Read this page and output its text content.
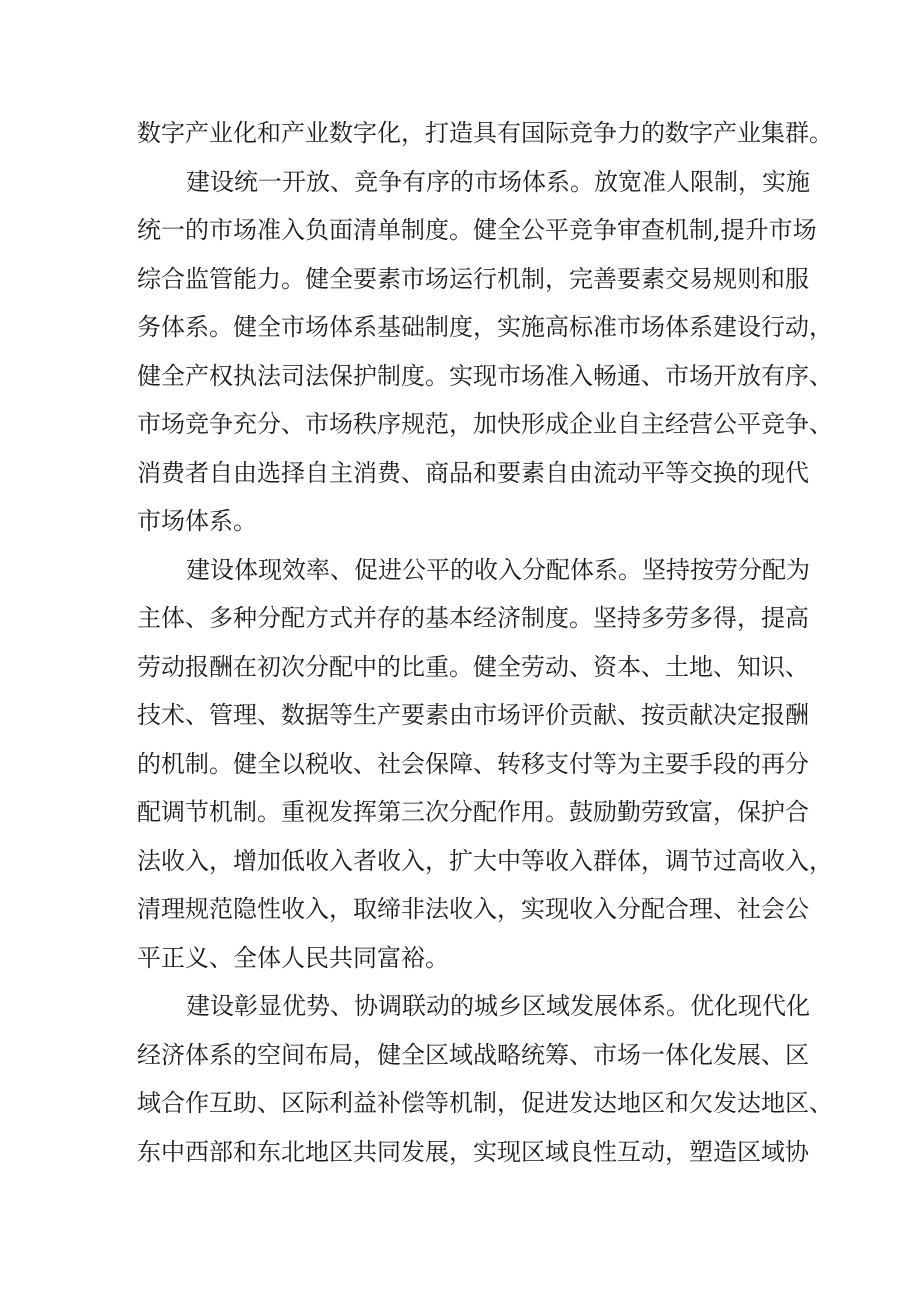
数字产业化和产业数字化，打造具有国际竞争力的数字产业集群。
建设统一开放、竞争有序的市场体系。放宽准人限制，实施
统一的市场准入负面清单制度。健全公平竞争审查机制,提升市场
综合监管能力。健全要素市场运行机制，完善要素交易规则和服
务体系。健全市场体系基础制度，实施高标准市场体系建设行动，
健全产权执法司法保护制度。实现市场准入畅通、市场开放有序、
市场竞争充分、市场秩序规范，加快形成企业自主经营公平竞争、
消费者自由选择自主消费、商品和要素自由流动平等交换的现代
市场体系。
建设体现效率、促进公平的收入分配体系。坚持按劳分配为
主体、多种分配方式并存的基本经济制度。坚持多劳多得，提高
劳动报酬在初次分配中的比重。健全劳动、资本、土地、知识、
技术、管理、数据等生产要素由市场评价贡献、按贡献决定报酬
的机制。健全以税收、社会保障、转移支付等为主要手段的再分
配调节机制。重视发挥第三次分配作用。鼓励勤劳致富，保护合
法收入，增加低收入者收入，扩大中等收入群体，调节过高收入，
清理规范隐性收入，取缔非法收入，实现收入分配合理、社会公
平正义、全体人民共同富裕。
建设彰显优势、协调联动的城乡区域发展体系。优化现代化
经济体系的空间布局，健全区域战略统筹、市场一体化发展、区
域合作互助、区际利益补偿等机制，促进发达地区和欠发达地区、
东中西部和东北地区共同发展，实现区域良性互动，塑造区域协
